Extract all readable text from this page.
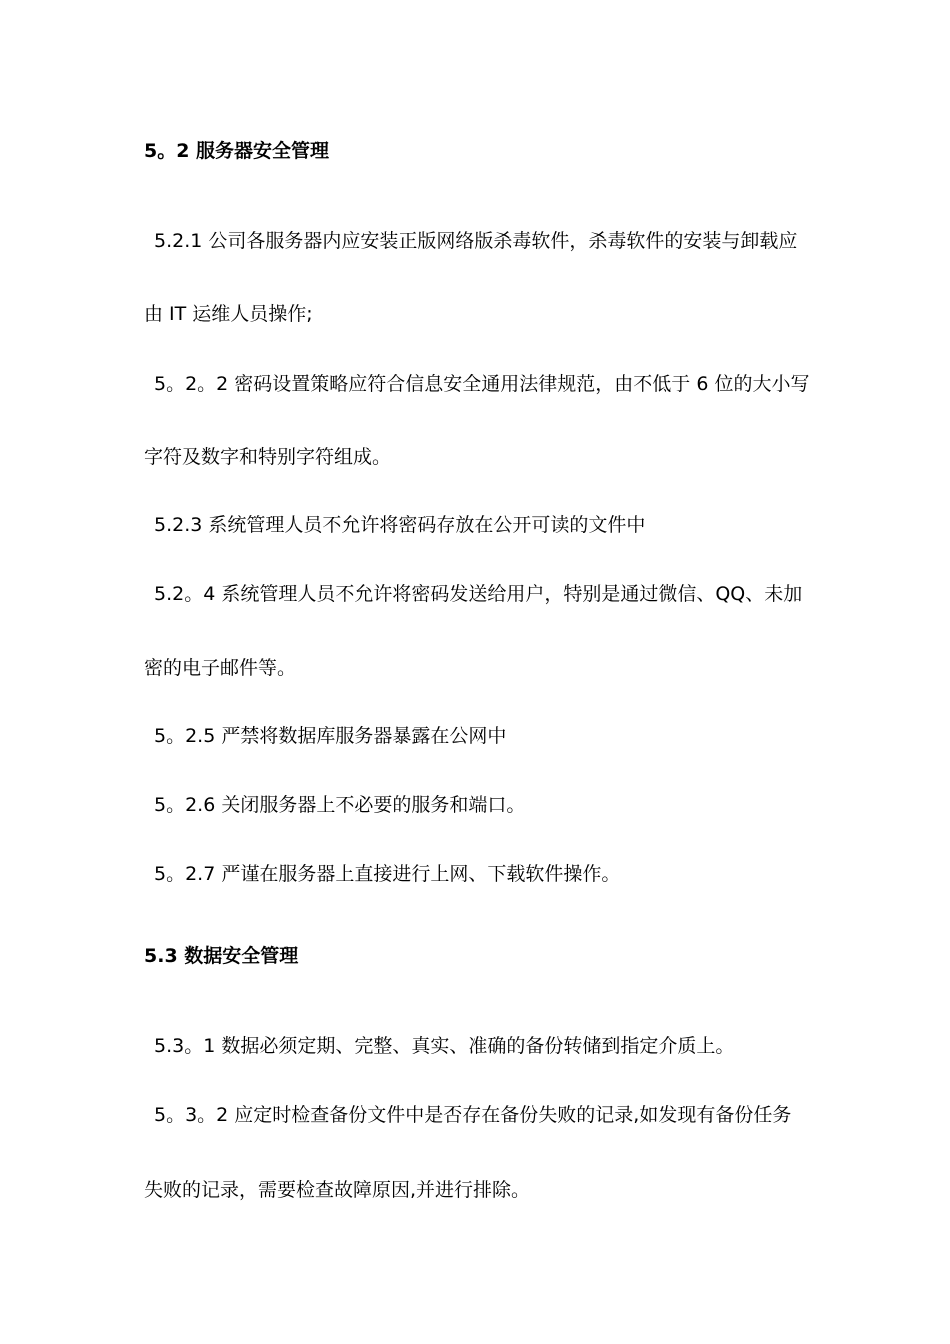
5。2 服务器安全管理
5.2.1 公司各服务器内应安装正版网络版杀毒软件，杀毒软件的安装与卸载应
由 IT 运维人员操作;
5。2。2 密码设置策略应符合信息安全通用法律规范，由不低于 6 位的大小写
字符及数字和特别字符组成。
5.2.3 系统管理人员不允许将密码存放在公开可读的文件中
5.2。4 系统管理人员不允许将密码发送给用户，特别是通过微信、QQ、未加
密的电子邮件等。
5。2.5 严禁将数据库服务器暴露在公网中
5。2.6 关闭服务器上不必要的服务和端口。
5。2.7 严谨在服务器上直接进行上网、下载软件操作。
5.3 数据安全管理
5.3。1 数据必须定期、完整、真实、准确的备份转储到指定介质上。
5。3。2 应定时检查备份文件中是否存在备份失败的记录,如发现有备份任务
失败的记录，需要检查故障原因,并进行排除。
